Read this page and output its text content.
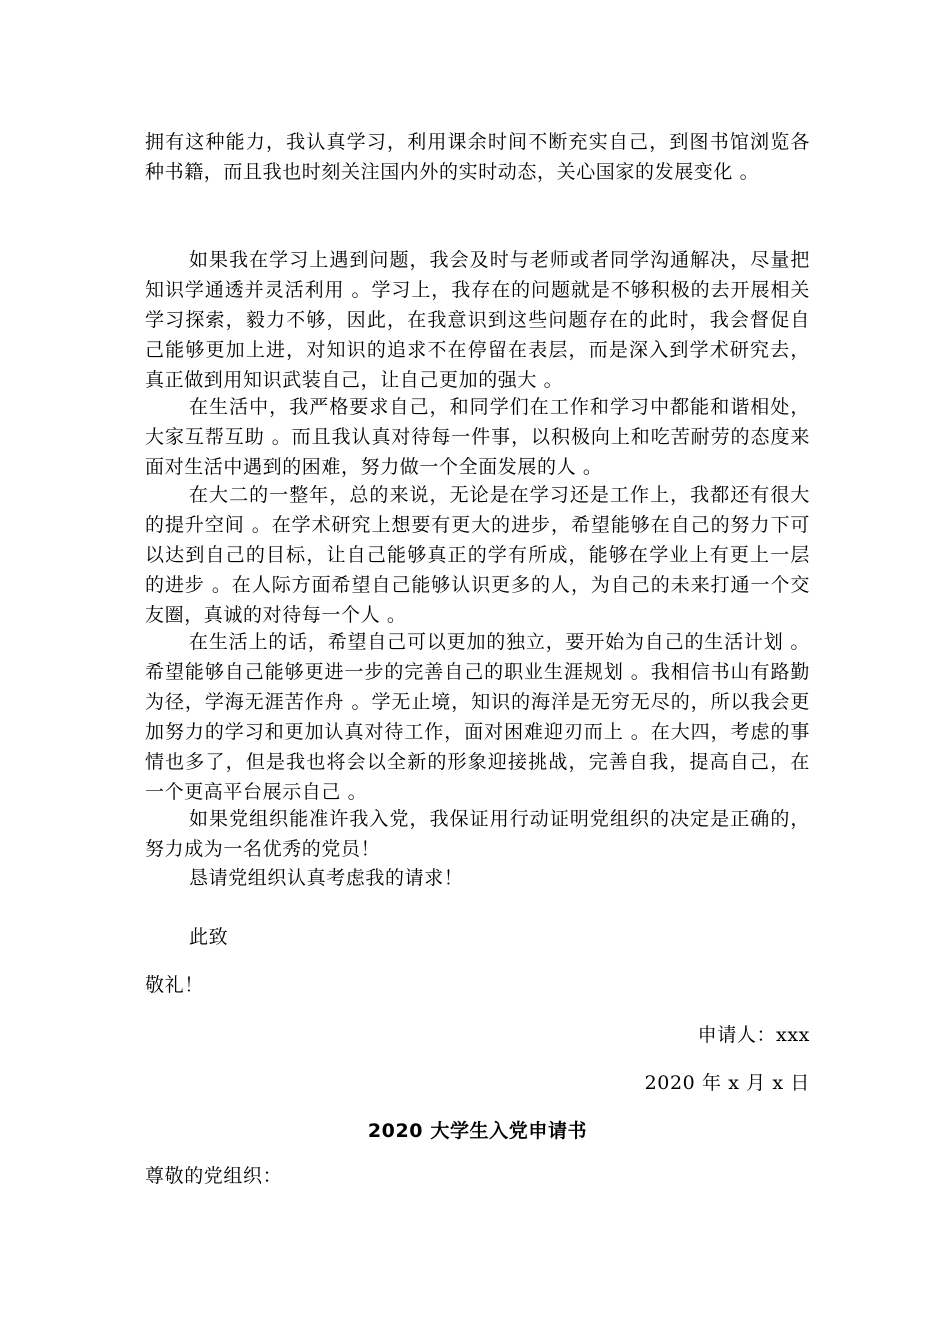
拥有这种能力，我认真学习，利用课余时间不断充实自己，到图书馆浏览各种书籍，而且我也时刻关注国内外的实时动态，关心国家的发展变化 。

如果我在学习上遇到问题，我会及时与老师或者同学沟通解决，尽量把知识学通透并灵活利用 。学习上，我存在的问题就是不够积极的去开展相关学习探索，毅力不够，因此，在我意识到这些问题存在的此时，我会督促自己能够更加上进，对知识的追求不在停留在表层，而是深入到学术研究去，真正做到用知识武装自己，让自己更加的强大 。

在生活中，我严格要求自己，和同学们在工作和学习中都能和谐相处，大家互帮互助 。而且我认真对待每一件事，以积极向上和吃苦耐劳的态度来面对生活中遇到的困难，努力做一个全面发展的人 。

在大二的一整年，总的来说，无论是在学习还是工作上，我都还有很大的提升空间 。在学术研究上想要有更大的进步，希望能够在自己的努力下可以达到自己的目标，让自己能够真正的学有所成，能够在学业上有更上一层的进步 。在人际方面希望自己能够认识更多的人，为自己的未来打通一个交友圈，真诚的对待每一个人 。

在生活上的话，希望自己可以更加的独立，要开始为自己的生活计划 。希望能够自己能够更进一步的完善自己的职业生涯规划 。我相信书山有路勤为径，学海无涯苦作舟 。学无止境，知识的海洋是无穷无尽的，所以我会更加努力的学习和更加认真对待工作，面对困难迎刃而上 。在大四，考虑的事情也多了，但是我也将会以全新的形象迎接挑战，完善自我，提高自己，在一个更高平台展示自己 。

如果党组织能准许我入党，我保证用行动证明党组织的决定是正确的，努力成为一名优秀的党员！

恳请党组织认真考虑我的请求！

此致

敬礼！

申请人：xxx

2020 年 x 月 x 日

2020 大学生入党申请书

尊敬的党组织：
